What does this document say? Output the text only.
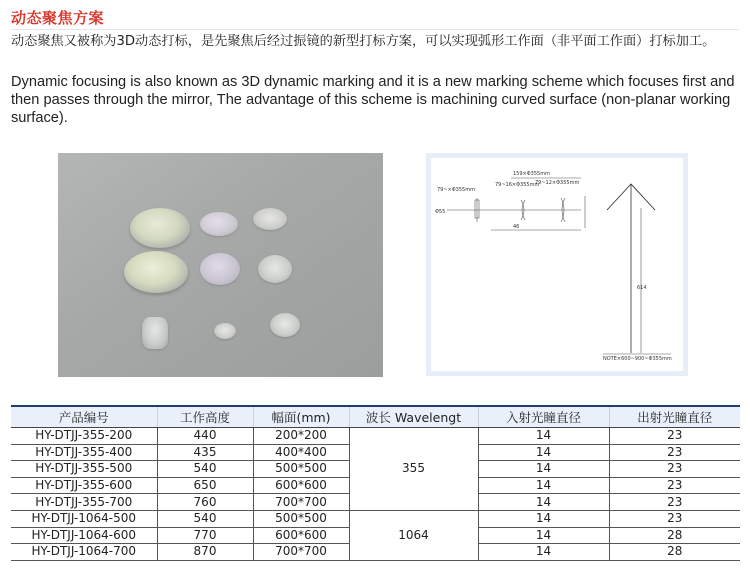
动态聚焦方案
动态聚焦又被称为3D动态打标，是先聚焦后经过振镜的新型打标方案，可以实现弧形工作面（非平面工作面）打标加工。
Dynamic focusing is also known as 3D dynamic marking and it is a new marking scheme which focuses first and then passes through the mirror, The advantage of this scheme is machining curved surface (non-planar working surface).
159×Φ355mm
79~×Φ355mm
79~16×Φ355mm
79~12×Φ355mm
Φ55
46
614
NOTE×600~900~Φ355mm
产品编号	工作高度	幅面(mm)	波长 Wavelengt	入射光瞳直径	出射光瞳直径
HY-DTJJ-355-200	440	200*200	355	14	23
HY-DTJJ-355-400	435	400*400		14	23
HY-DTJJ-355-500	540	500*500		14	23
HY-DTJJ-355-600	650	600*600		14	23
HY-DTJJ-355-700	760	700*700		14	23
HY-DTJJ-1064-500	540	500*500	1064	14	23
HY-DTJJ-1064-600	770	600*600		14	28
HY-DTJJ-1064-700	870	700*700		14	28
